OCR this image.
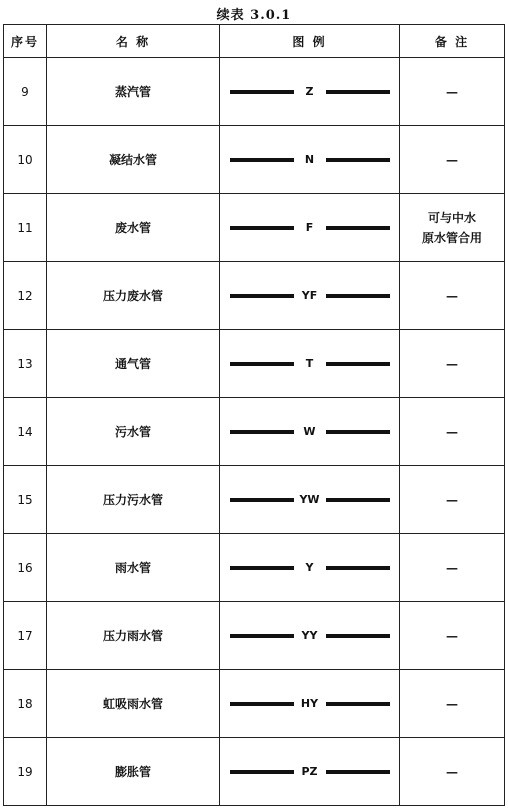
续表 3.0.1
序号	名 称	图 例	备 注
9	蒸汽管	Z	—

10	凝结水管	N	—

11	废水管	F	可与中水
原水管合用

12	压力废水管	YF	—

13	通气管	T	—

14	污水管	W	—

15	压力污水管	YW	—

16	雨水管	Y	—

17	压力雨水管	YY	—

18	虹吸雨水管	HY	—

19	膨胀管	PZ	—
